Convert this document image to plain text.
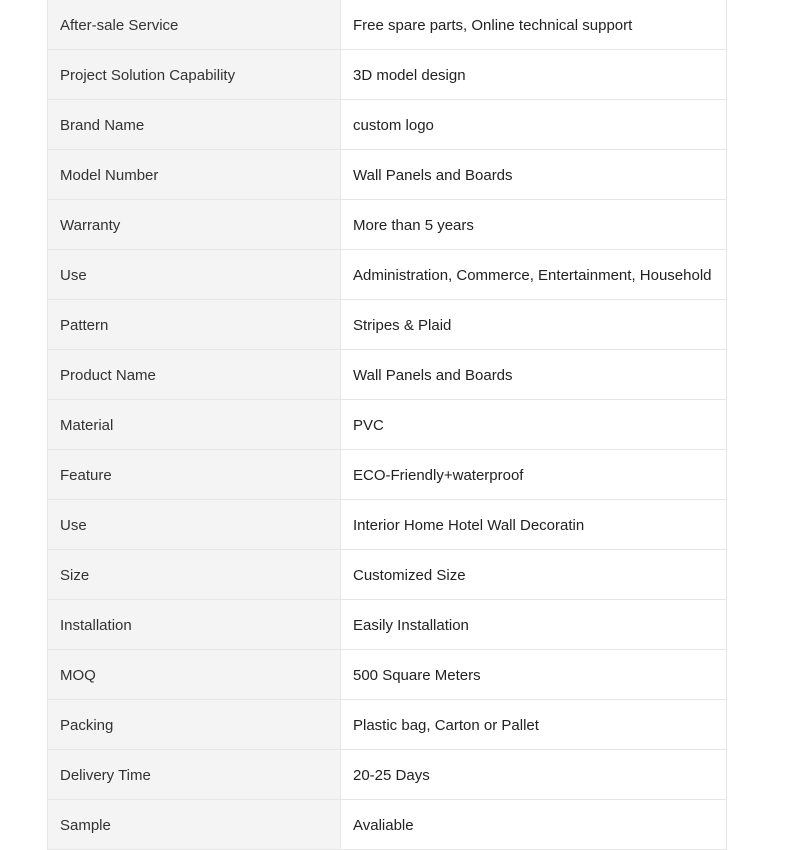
After-sale Service	Free spare parts, Online technical support
Project Solution Capability	3D model design
Brand Name	custom logo
Model Number	Wall Panels and Boards
Warranty	More than 5 years
Use	Administration, Commerce, Entertainment, Household
Pattern	Stripes & Plaid
Product Name	Wall Panels and Boards
Material	PVC
Feature	ECO-Friendly+waterproof
Use	Interior Home Hotel Wall Decoratin
Size	Customized Size
Installation	Easily Installation
MOQ	500 Square Meters
Packing	Plastic bag, Carton or Pallet
Delivery Time	20-25 Days
Sample	Avaliable
